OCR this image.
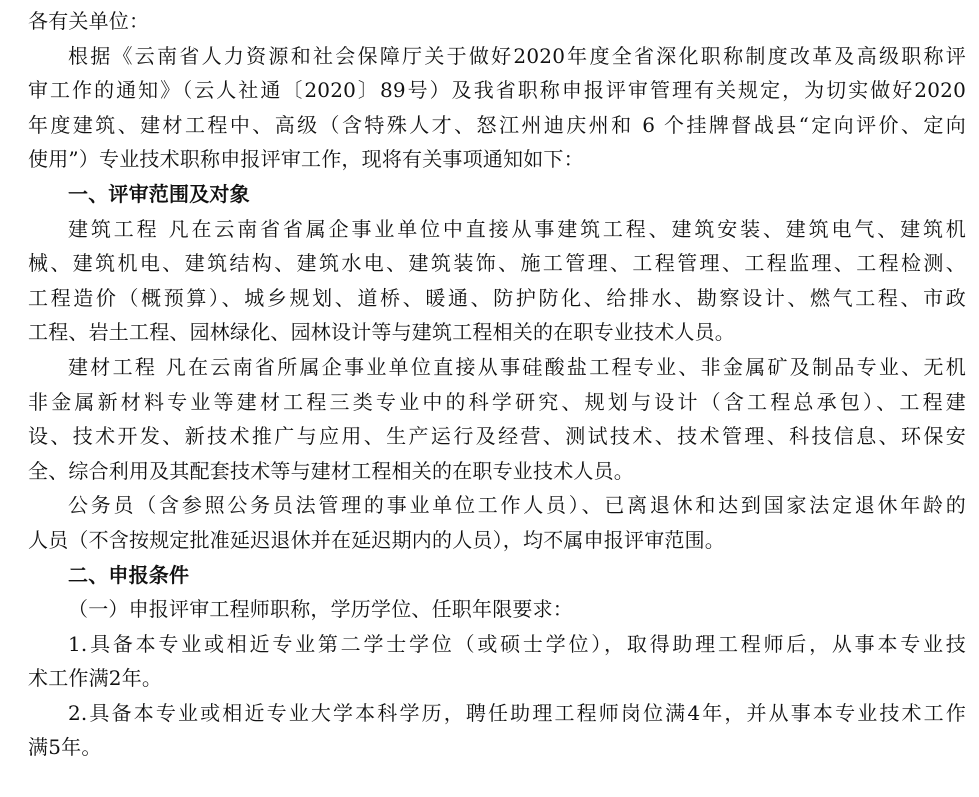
各有关单位：
根据《云南省人力资源和社会保障厅关于做好2020年度全省深化职称制度改革及高级职称评
审工作的通知》（云人社通〔2020〕89号）及我省职称申报评审管理有关规定，为切实做好2020
年度建筑、建材工程中、高级（含特殊人才、怒江州迪庆州和 6 个挂牌督战县“定向评价、定向
使用”）专业技术职称申报评审工作，现将有关事项通知如下：
一、评审范围及对象
建筑工程 凡在云南省省属企事业单位中直接从事建筑工程、建筑安装、建筑电气、建筑机
械、建筑机电、建筑结构、建筑水电、建筑装饰、施工管理、工程管理、工程监理、工程检测、
工程造价（概预算）、城乡规划、道桥、暖通、防护防化、给排水、勘察设计、燃气工程、市政
工程、岩土工程、园林绿化、园林设计等与建筑工程相关的在职专业技术人员。
建材工程 凡在云南省所属企事业单位直接从事硅酸盐工程专业、非金属矿及制品专业、无机
非金属新材料专业等建材工程三类专业中的科学研究、规划与设计（含工程总承包）、工程建
设、技术开发、新技术推广与应用、生产运行及经营、测试技术、技术管理、科技信息、环保安
全、综合利用及其配套技术等与建材工程相关的在职专业技术人员。
公务员（含参照公务员法管理的事业单位工作人员）、已离退休和达到国家法定退休年龄的
人员（不含按规定批准延迟退休并在延迟期内的人员），均不属申报评审范围。
二、申报条件
（一）申报评审工程师职称，学历学位、任职年限要求：
1.具备本专业或相近专业第二学士学位（或硕士学位），取得助理工程师后，从事本专业技
术工作满2年。
2.具备本专业或相近专业大学本科学历，聘任助理工程师岗位满4年，并从事本专业技术工作
满5年。
